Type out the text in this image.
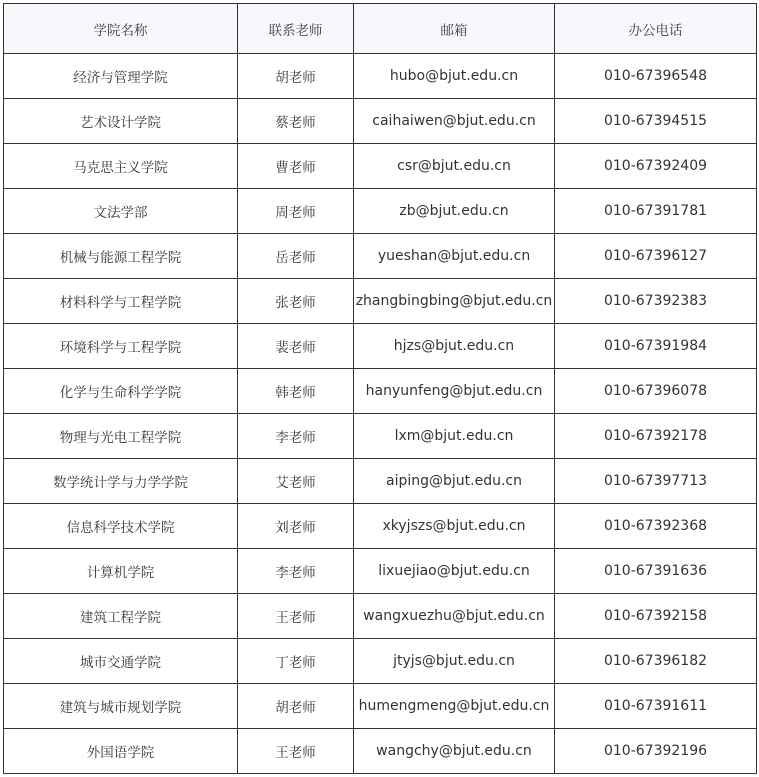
学院名称	联系老师	邮箱	办公电话
经济与管理学院	胡老师	hubo@bjut.edu.cn	010-67396548
艺术设计学院	蔡老师	caihaiwen@bjut.edu.cn	010-67394515
马克思主义学院	曹老师	csr@bjut.edu.cn	010-67392409
文法学部	周老师	zb@bjut.edu.cn	010-67391781
机械与能源工程学院	岳老师	yueshan@bjut.edu.cn	010-67396127
材料科学与工程学院	张老师	zhangbingbing@bjut.edu.cn	010-67392383
环境科学与工程学院	裴老师	hjzs@bjut.edu.cn	010-67391984
化学与生命科学学院	韩老师	hanyunfeng@bjut.edu.cn	010-67396078
物理与光电工程学院	李老师	lxm@bjut.edu.cn	010-67392178
数学统计学与力学学院	艾老师	aiping@bjut.edu.cn	010-67397713
信息科学技术学院	刘老师	xkyjszs@bjut.edu.cn	010-67392368
计算机学院	李老师	lixuejiao@bjut.edu.cn	010-67391636
建筑工程学院	王老师	wangxuezhu@bjut.edu.cn	010-67392158
城市交通学院	丁老师	jtyjs@bjut.edu.cn	010-67396182
建筑与城市规划学院	胡老师	humengmeng@bjut.edu.cn	010-67391611
外国语学院	王老师	wangchy@bjut.edu.cn	010-67392196
